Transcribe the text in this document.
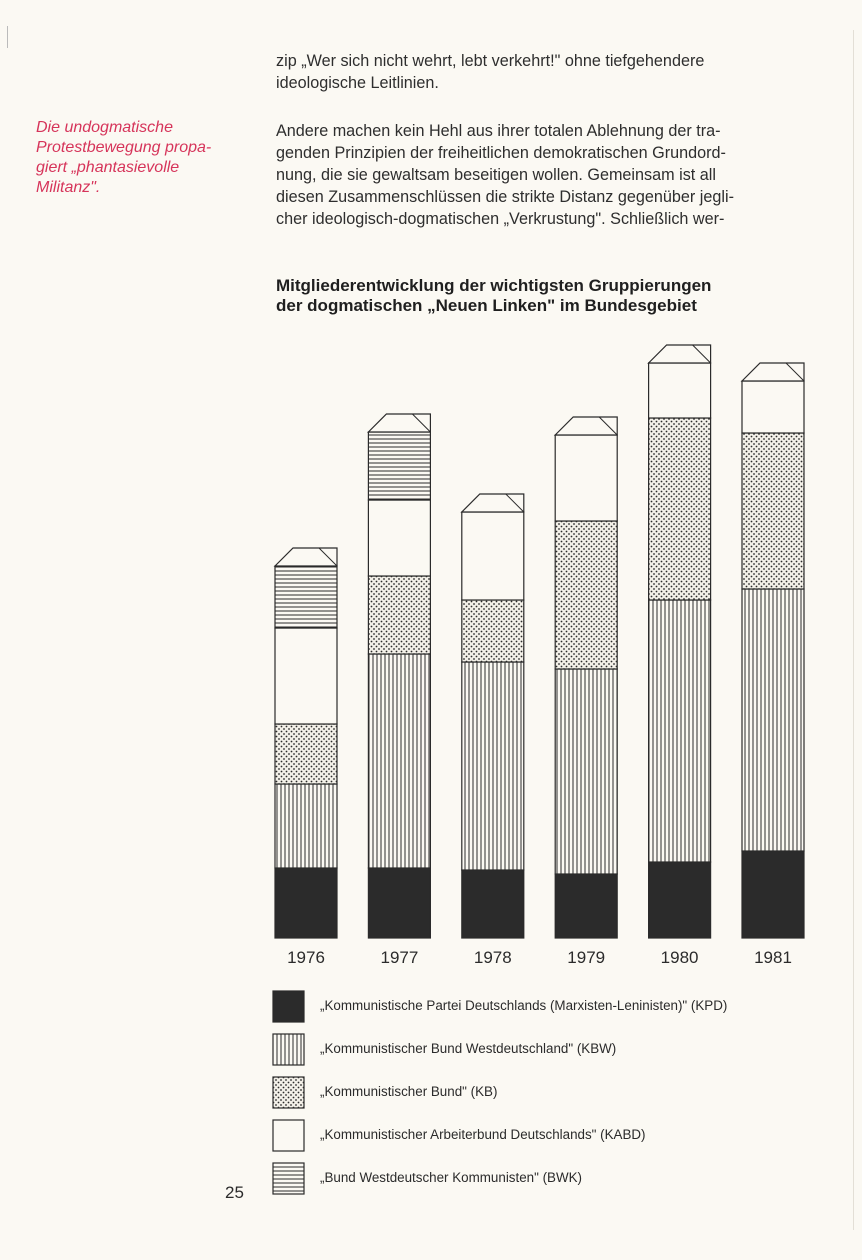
Die undogmatische
Protestbewegung propa-
giert „phantasievolle
Militanz".
zip „Wer sich nicht wehrt, lebt verkehrt!" ohne tiefgehendere
ideologische Leitlinien.
Andere machen kein Hehl aus ihrer totalen Ablehnung der tra-
genden Prinzipien der freiheitlichen demokratischen Grundord-
nung, die sie gewaltsam beseitigen wollen. Gemeinsam ist all
diesen Zusammenschlüssen die strikte Distanz gegenüber jegli-
cher ideologisch-dogmatischen „Verkrustung". Schließlich wer-
Mitgliederentwicklung der wichtigsten Gruppierungen
der dogmatischen „Neuen Linken" im Bundesgebiet
1976	1977	1978	1979	1980	1981
„Kommunistische Partei Deutschlands (Marxisten-Leninisten)" (KPD)
„Kommunistischer Bund Westdeutschland" (KBW)
„Kommunistischer Bund" (KB)
„Kommunistischer Arbeiterbund Deutschlands" (KABD)
„Bund Westdeutscher Kommunisten" (BWK)
25
